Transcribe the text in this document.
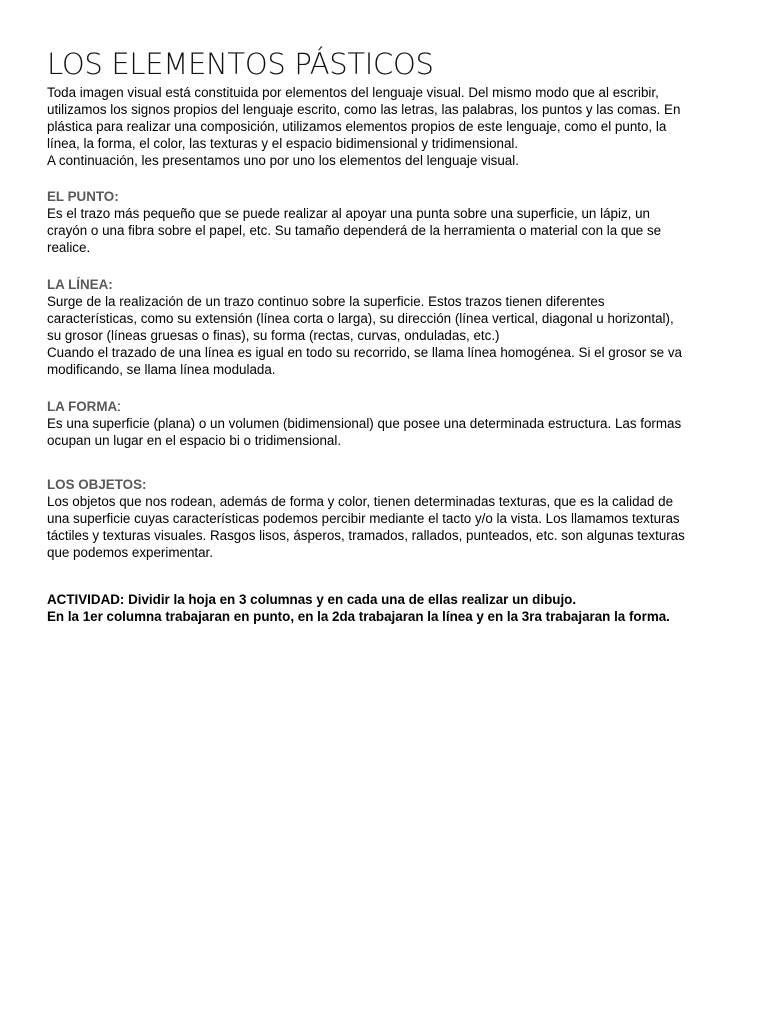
LOS ELEMENTOS PÁSTICOS

Toda imagen visual está constituida por elementos del lenguaje visual. Del mismo modo que al escribir,
utilizamos los signos propios del lenguaje escrito, como las letras, las palabras, los puntos y las comas. En
plástica para realizar una composición, utilizamos elementos propios de este lenguaje, como el punto, la
línea, la forma, el color, las texturas y el espacio bidimensional y tridimensional.
A continuación, les presentamos uno por uno los elementos del lenguaje visual.

EL PUNTO:

Es el trazo más pequeño que se puede realizar al apoyar una punta sobre una superficie, un lápiz, un
crayón o una fibra sobre el papel, etc. Su tamaño dependerá de la herramienta o material con la que se
realice.

LA LÍNEA:

Surge de la realización de un trazo continuo sobre la superficie. Estos trazos tienen diferentes
características, como su extensión (línea corta o larga), su dirección (línea vertical, diagonal u horizontal),
su grosor (líneas gruesas o finas), su forma (rectas, curvas, onduladas, etc.)
Cuando el trazado de una línea es igual en todo su recorrido, se llama línea homogénea. Si el grosor se va
modificando, se llama línea modulada.

LA FORMA:

Es una superficie (plana) o un volumen (bidimensional) que posee una determinada estructura. Las formas
ocupan un lugar en el espacio bi o tridimensional.

LOS OBJETOS:

Los objetos que nos rodean, además de forma y color, tienen determinadas texturas, que es la calidad de
una superficie cuyas características podemos percibir mediante el tacto y/o la vista. Los llamamos texturas
táctiles y texturas visuales. Rasgos lisos, ásperos, tramados, rallados, punteados, etc. son algunas texturas
que podemos experimentar.

ACTIVIDAD: Dividir la hoja en 3 columnas y en cada una de ellas realizar un dibujo.
En la 1er columna trabajaran en punto, en la 2da trabajaran la línea y en la 3ra trabajaran la forma.
